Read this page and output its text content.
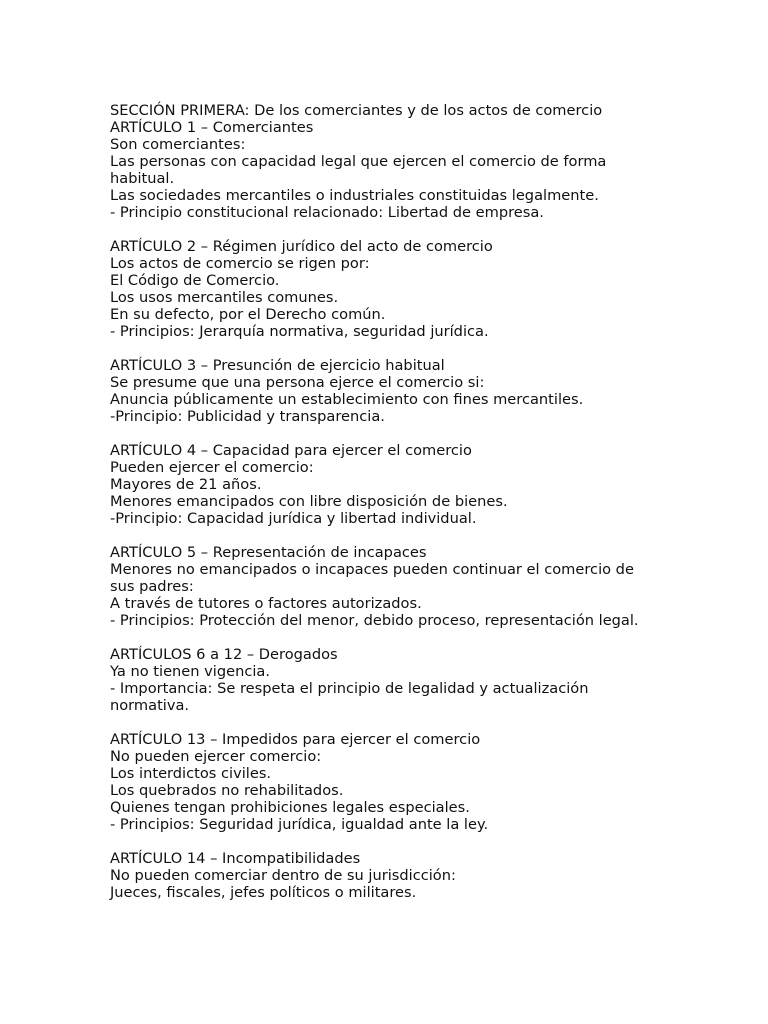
SECCIÓN PRIMERA: De los comerciantes y de los actos de comercio
ARTÍCULO 1 – Comerciantes
Son comerciantes:
Las personas con capacidad legal que ejercen el comercio de forma habitual.
Las sociedades mercantiles o industriales constituidas legalmente.
- Principio constitucional relacionado: Libertad de empresa.
ARTÍCULO 2 – Régimen jurídico del acto de comercio
Los actos de comercio se rigen por:
El Código de Comercio.
Los usos mercantiles comunes.
En su defecto, por el Derecho común.
- Principios: Jerarquía normativa, seguridad jurídica.
ARTÍCULO 3 – Presunción de ejercicio habitual
Se presume que una persona ejerce el comercio si:
Anuncia públicamente un establecimiento con fines mercantiles.
-Principio: Publicidad y transparencia.
ARTÍCULO 4 – Capacidad para ejercer el comercio
Pueden ejercer el comercio:
Mayores de 21 años.
Menores emancipados con libre disposición de bienes.
-Principio: Capacidad jurídica y libertad individual.
ARTÍCULO 5 – Representación de incapaces
Menores no emancipados o incapaces pueden continuar el comercio de sus padres:
A través de tutores o factores autorizados.
- Principios: Protección del menor, debido proceso, representación legal.
ARTÍCULOS 6 a 12 – Derogados
Ya no tienen vigencia.
- Importancia: Se respeta el principio de legalidad y actualización normativa.
ARTÍCULO 13 – Impedidos para ejercer el comercio
No pueden ejercer comercio:
Los interdictos civiles.
Los quebrados no rehabilitados.
Quienes tengan prohibiciones legales especiales.
- Principios: Seguridad jurídica, igualdad ante la ley.
ARTÍCULO 14 – Incompatibilidades
No pueden comerciar dentro de su jurisdicción:
Jueces, fiscales, jefes políticos o militares.
